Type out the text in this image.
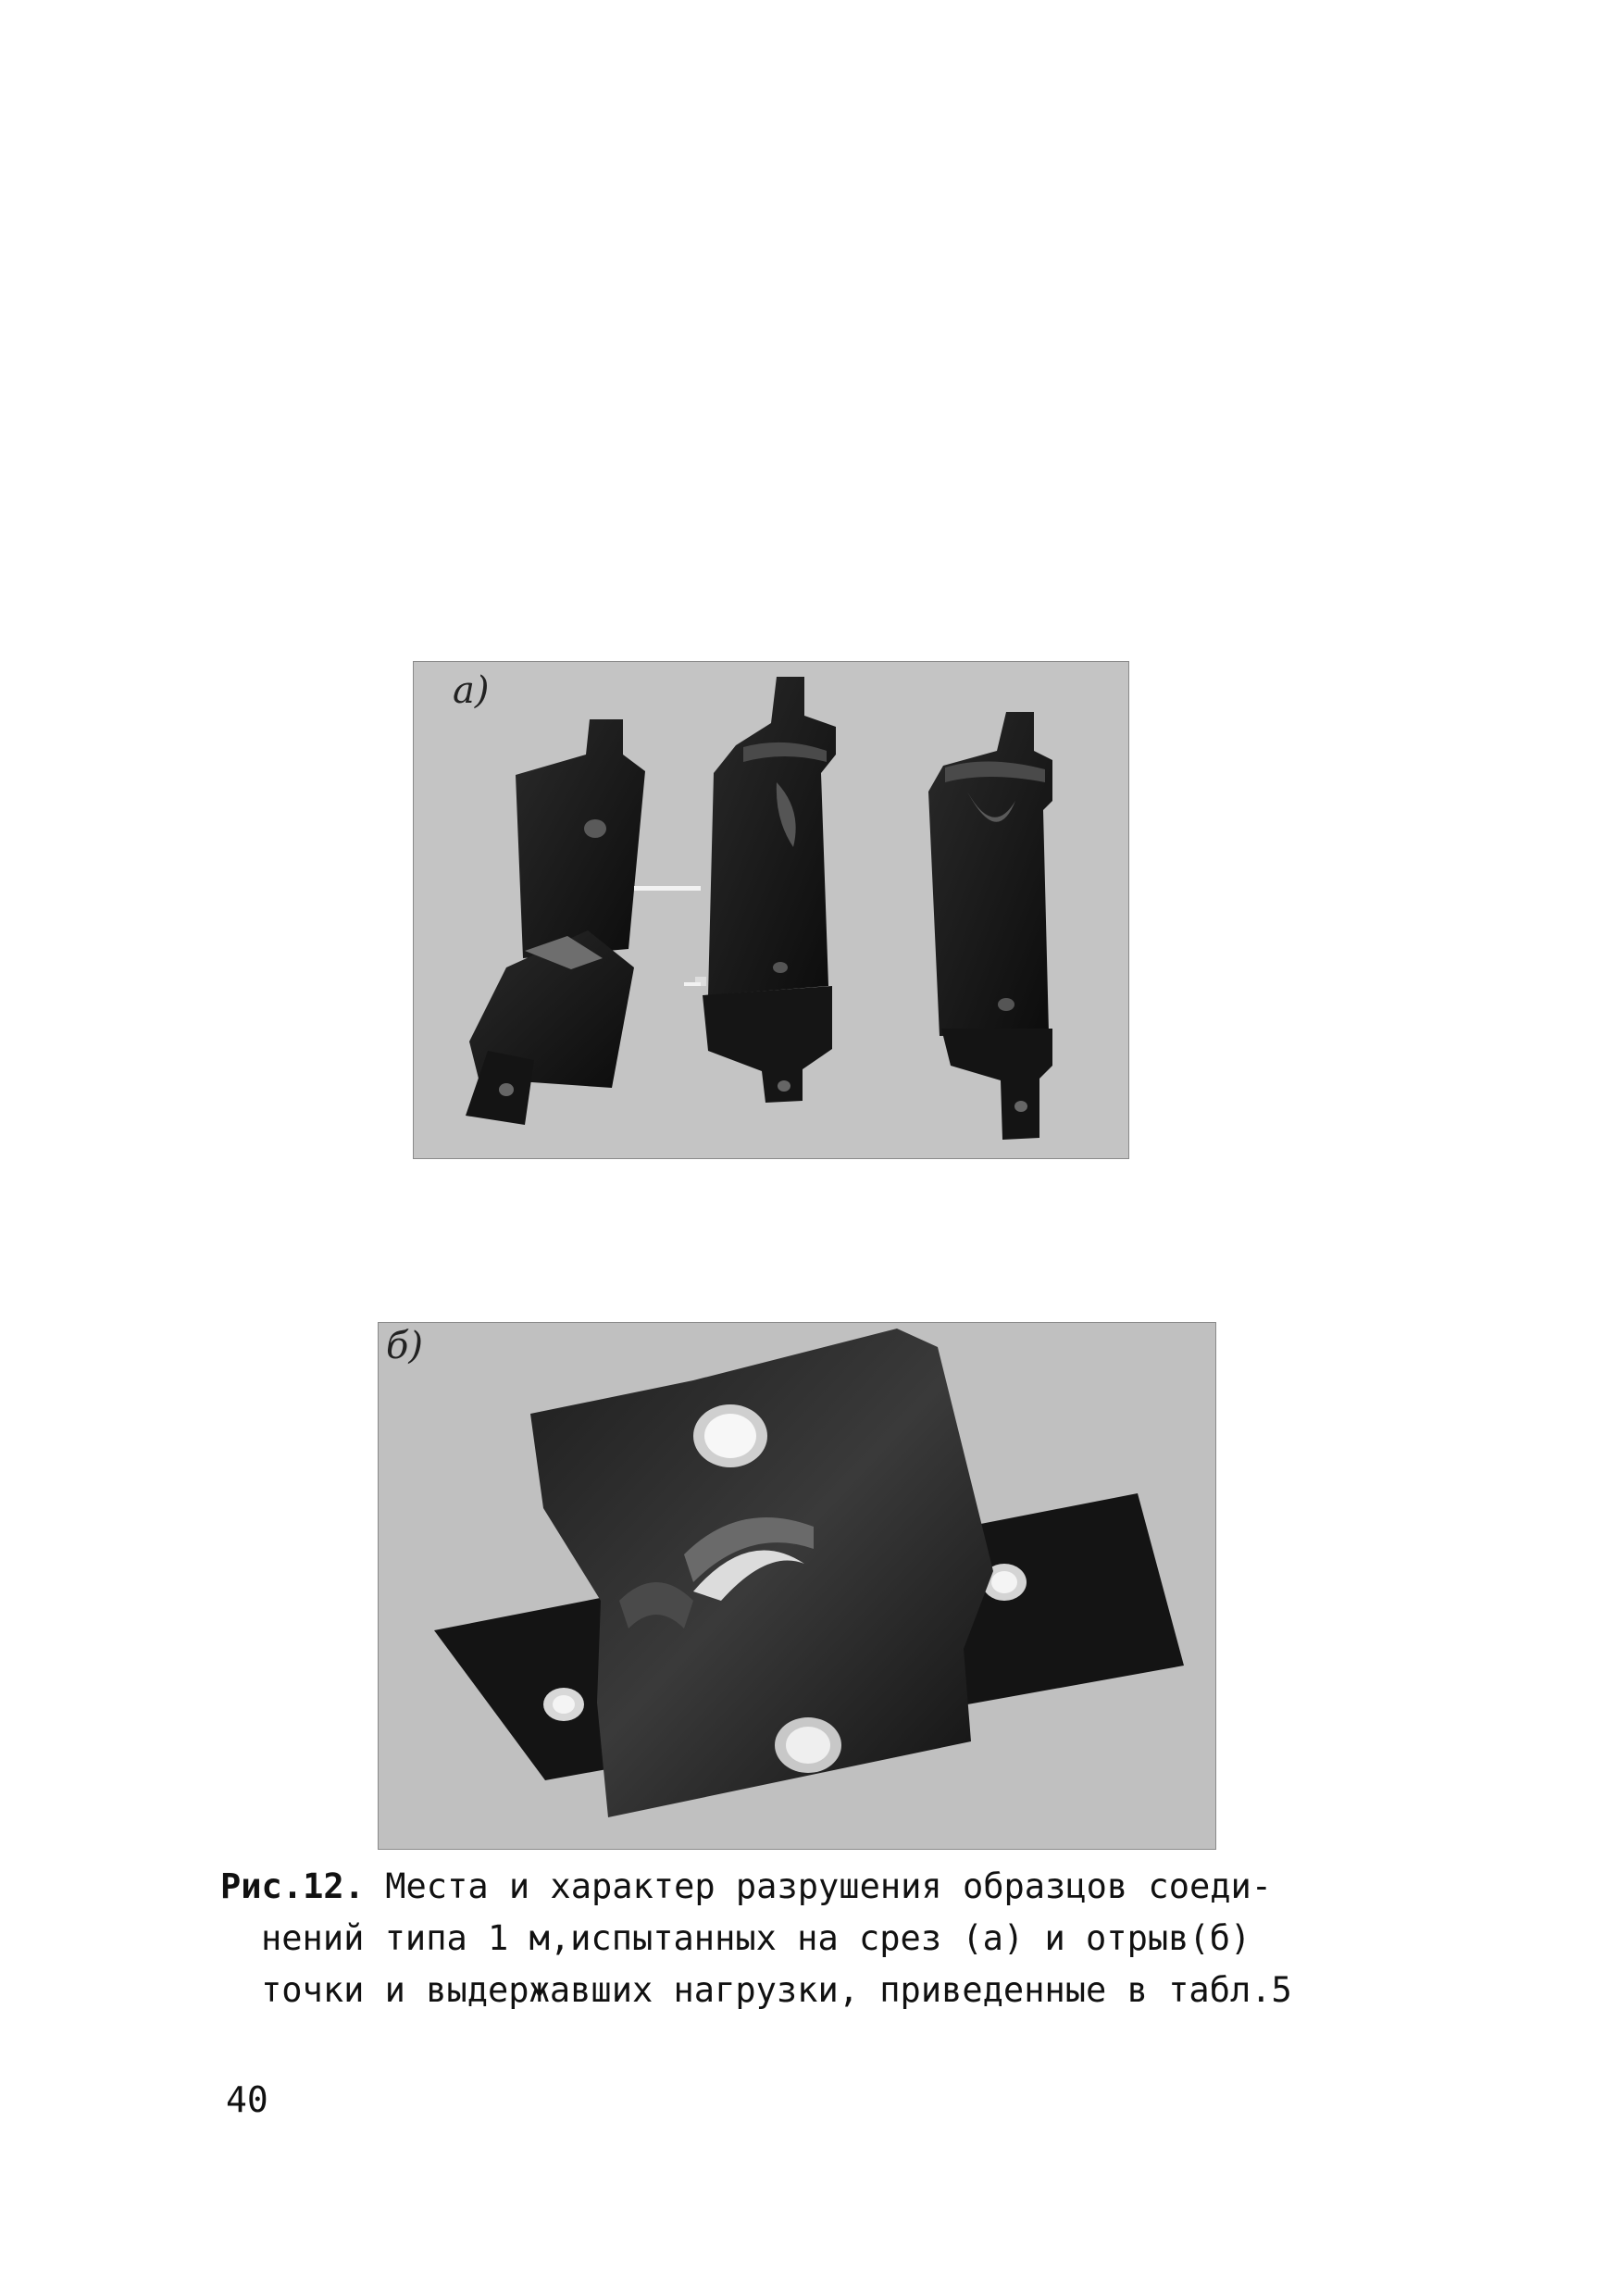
а)
б)
Рис.12. Места и характер разрушения образцов соеди-
нений типа 1 м,испытанных на срез (а) и отрыв(б)
точки и выдержавших нагрузки, приведенные в табл.5
40
